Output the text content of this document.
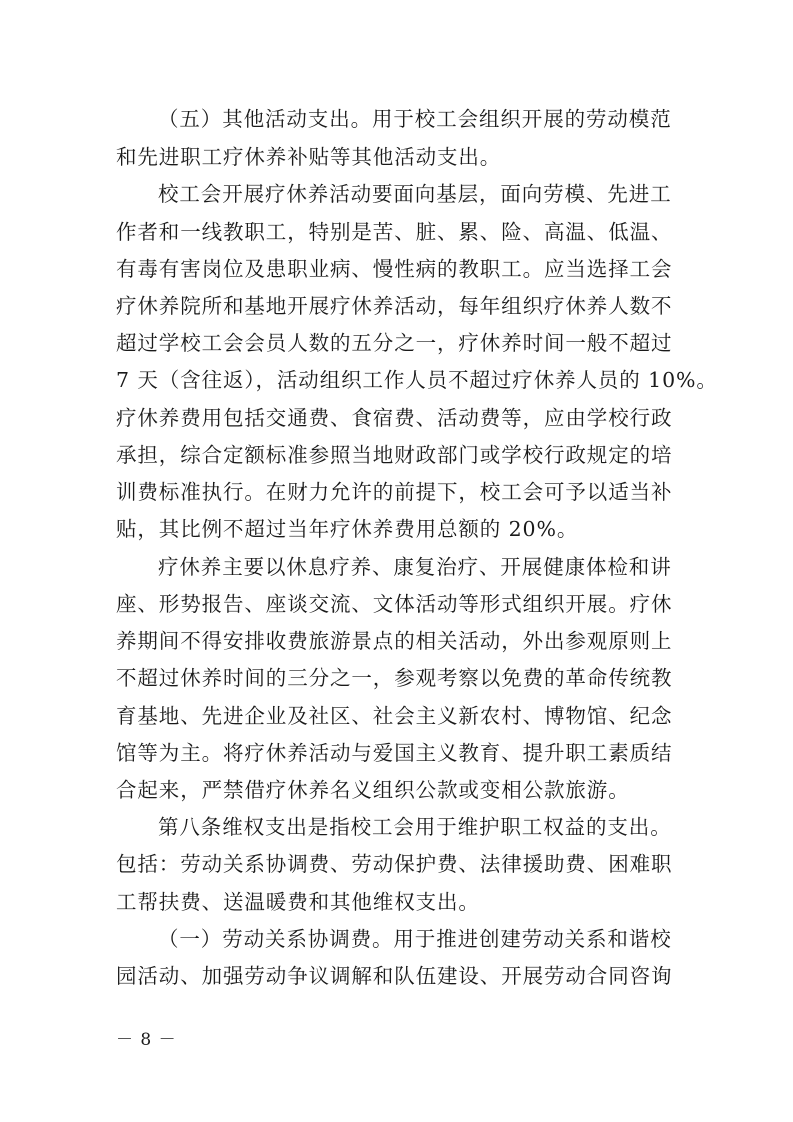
（五）其他活动支出。用于校工会组织开展的劳动模范
和先进职工疗休养补贴等其他活动支出。
校工会开展疗休养活动要面向基层，面向劳模、先进工
作者和一线教职工，特别是苦、脏、累、险、高温、低温、
有毒有害岗位及患职业病、慢性病的教职工。应当选择工会
疗休养院所和基地开展疗休养活动，每年组织疗休养人数不
超过学校工会会员人数的五分之一，疗休养时间一般不超过
7 天（含往返），活动组织工作人员不超过疗休养人员的 10%。
疗休养费用包括交通费、食宿费、活动费等，应由学校行政
承担，综合定额标准参照当地财政部门或学校行政规定的培
训费标准执行。在财力允许的前提下，校工会可予以适当补
贴，其比例不超过当年疗休养费用总额的 20%。
疗休养主要以休息疗养、康复治疗、开展健康体检和讲
座、形势报告、座谈交流、文体活动等形式组织开展。疗休
养期间不得安排收费旅游景点的相关活动，外出参观原则上
不超过休养时间的三分之一，参观考察以免费的革命传统教
育基地、先进企业及社区、社会主义新农村、博物馆、纪念
馆等为主。将疗休养活动与爱国主义教育、提升职工素质结
合起来，严禁借疗休养名义组织公款或变相公款旅游。
第八条维权支出是指校工会用于维护职工权益的支出。
包括：劳动关系协调费、劳动保护费、法律援助费、困难职
工帮扶费、送温暖费和其他维权支出。
（一）劳动关系协调费。用于推进创建劳动关系和谐校
园活动、加强劳动争议调解和队伍建设、开展劳动合同咨询
－ 8 －
